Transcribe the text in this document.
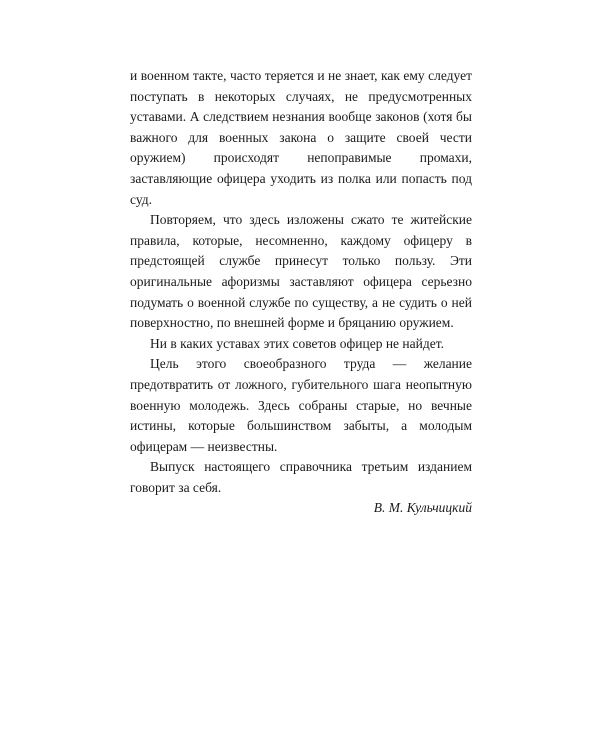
и военном такте, часто теряется и не знает, как ему следует поступать в некоторых случаях, не предусмотренных уставами. А следствием незнания вообще законов (хотя бы важного для военных закона о защите своей чести оружием) происходят непоправимые промахи, заставляющие офицера уходить из полка или попасть под суд.

Повторяем, что здесь изложены сжато те житейские правила, которые, несомненно, каждому офицеру в предстоящей службе принесут только пользу. Эти оригинальные афоризмы заставляют офицера серьезно подумать о военной службе по существу, а не судить о ней поверхностно, по внешней форме и бряцанию оружием.

Ни в каких уставах этих советов офицер не найдет.

Цель этого своеобразного труда — желание предотвратить от ложного, губительного шага неопытную военную молодежь. Здесь собраны старые, но вечные истины, которые большинством забыты, а молодым офицерам — неизвестны.

Выпуск настоящего справочника третьим изданием говорит за себя.

В. М. Кульчицкий
